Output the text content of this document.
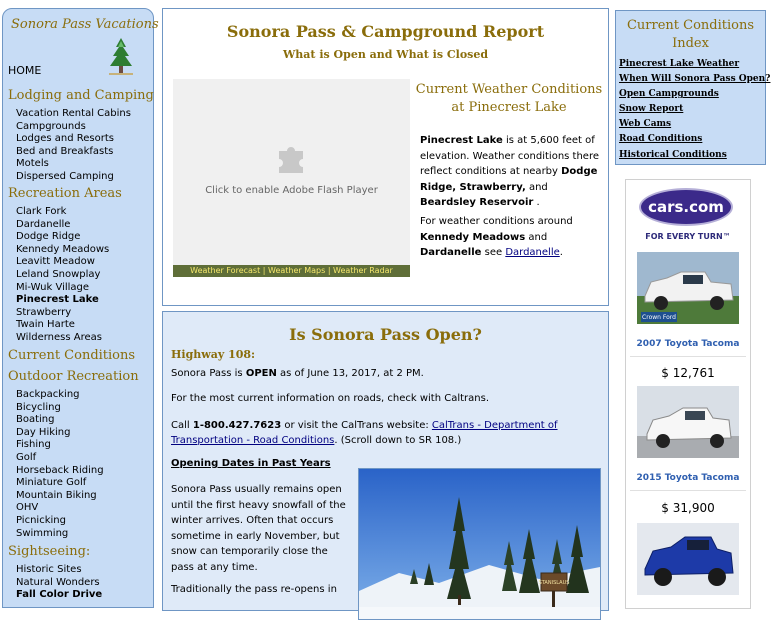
Sonora Pass Vacations
HOME
Lodging and Camping
Vacation Rental Cabins
Campgrounds
Lodges and Resorts
Bed and Breakfasts
Motels
Dispersed Camping
Recreation Areas
Clark Fork
Dardanelle
Dodge Ridge
Kennedy Meadows
Leavitt Meadow
Leland Snowplay
Mi-Wuk Village
Pinecrest Lake
Strawberry
Twain Harte
Wilderness Areas
Current Conditions
Outdoor Recreation
Backpacking
Bicycling
Boating
Day Hiking
Fishing
Golf
Horseback Riding
Miniature Golf
Mountain Biking
OHV
Picnicking
Swimming
Sightseeing:
Historic Sites
Natural Wonders
Fall Color Drive
Sonora Pass & Campground Report
What is Open and What is Closed
Click to enable Adobe Flash Player
Weather Forecast | Weather Maps | Weather Radar
Current Weather Conditions
at Pinecrest Lake
Pinecrest Lake is at 5,600 feet of elevation. Weather conditions there reflect conditions at nearby Dodge Ridge, Strawberry, and Beardsley Reservoir .
For weather conditions around Kennedy Meadows and Dardanelle see Dardanelle.
Is Sonora Pass Open?
Highway 108:
Sonora Pass is OPEN as of June 13, 2017, at 2 PM.
For the most current information on roads, check with Caltrans.
Call 1-800.427.7623 or visit the CalTrans website: CalTrans - Department of Transportation - Road Conditions. (Scroll down to SR 108.)
Opening Dates in Past Years
Sonora Pass usually remains open until the first heavy snowfall of the winter arrives. Often that occurs sometime in early November, but snow can temporarily close the pass at any time.
Traditionally the pass re-opens in
STANISLAUS
Current Conditions
Index
Pinecrest Lake Weather
When Will Sonora Pass Open?
Open Campgrounds
Snow Report
Web Cams
Road Conditions
Historical Conditions
cars.com
FOR EVERY TURN™
Crown Ford
2007 Toyota Tacoma
$ 12,761
2015 Toyota Tacoma
$ 31,900
